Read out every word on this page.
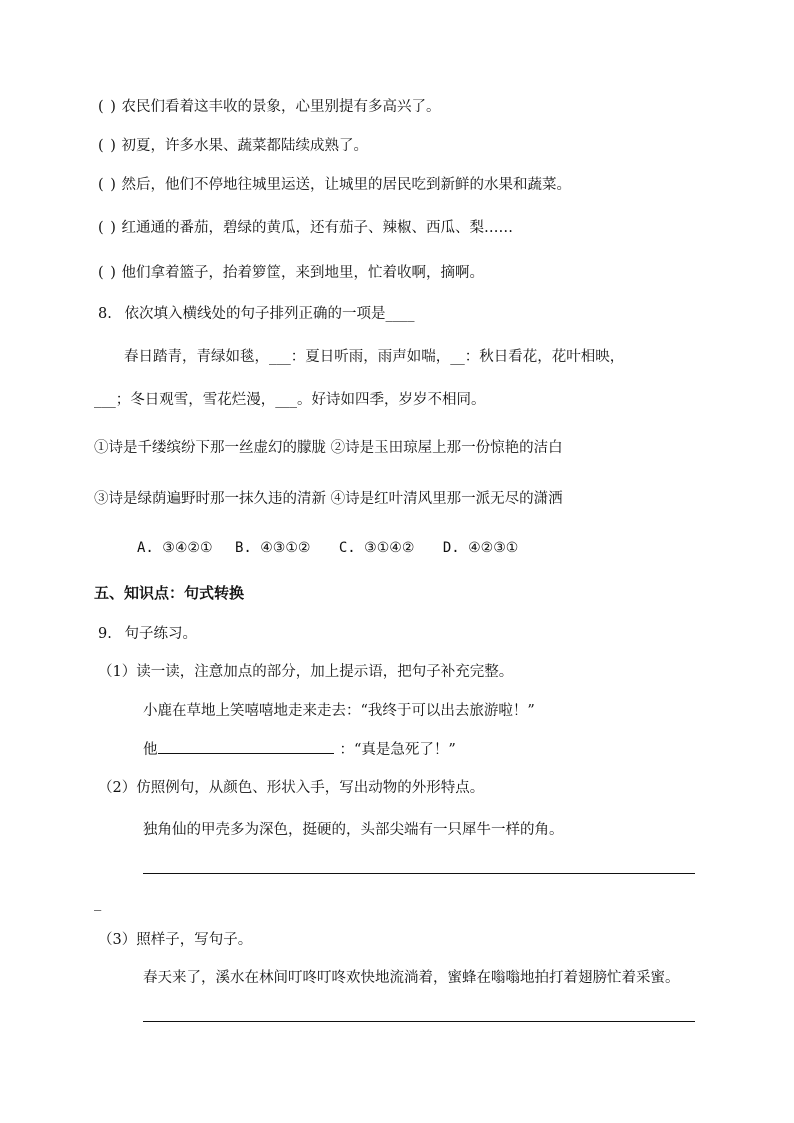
( ) 农民们看着这丰收的景象，心里别提有多高兴了。
( ) 初夏，许多水果、蔬菜都陆续成熟了。
( ) 然后，他们不停地往城里运送，让城里的居民吃到新鲜的水果和蔬菜。
( ) 红通通的番茄，碧绿的黄瓜，还有茄子、辣椒、西瓜、梨……
( ) 他们拿着篮子，抬着箩筐，来到地里，忙着收啊，摘啊。
8. 依次填入横线处的句子排列正确的一项是____
春日踏青，青绿如毯，___：夏日听雨，雨声如喘，__：秋日看花，花叶相映，
___；冬日观雪，雪花烂漫，___。好诗如四季，岁岁不相同。
①诗是千缕缤纷下那一丝虚幻的朦胧 ②诗是玉田琼屋上那一份惊艳的洁白
③诗是绿荫遍野时那一抹久违的清新 ④诗是红叶清风里那一派无尽的潇洒
A. ③④②① B. ④③①② C. ③①④② D. ④②③①
五、知识点：句式转换
9. 句子练习。
（1）读一读，注意加点的部分，加上提示语，把句子补充完整。
小鹿在草地上笑嘻嘻地走来走去：“我终于可以出去旅游啦！”
他	：“真是急死了！”
（2）仿照例句，从颜色、形状入手，写出动物的外形特点。
独角仙的甲壳多为深色，挺硬的，头部尖端有一只犀牛一样的角。
_
（3）照样子，写句子。
春天来了，溪水在林间叮咚叮咚欢快地流淌着，蜜蜂在嗡嗡地拍打着翅膀忙着采蜜。
